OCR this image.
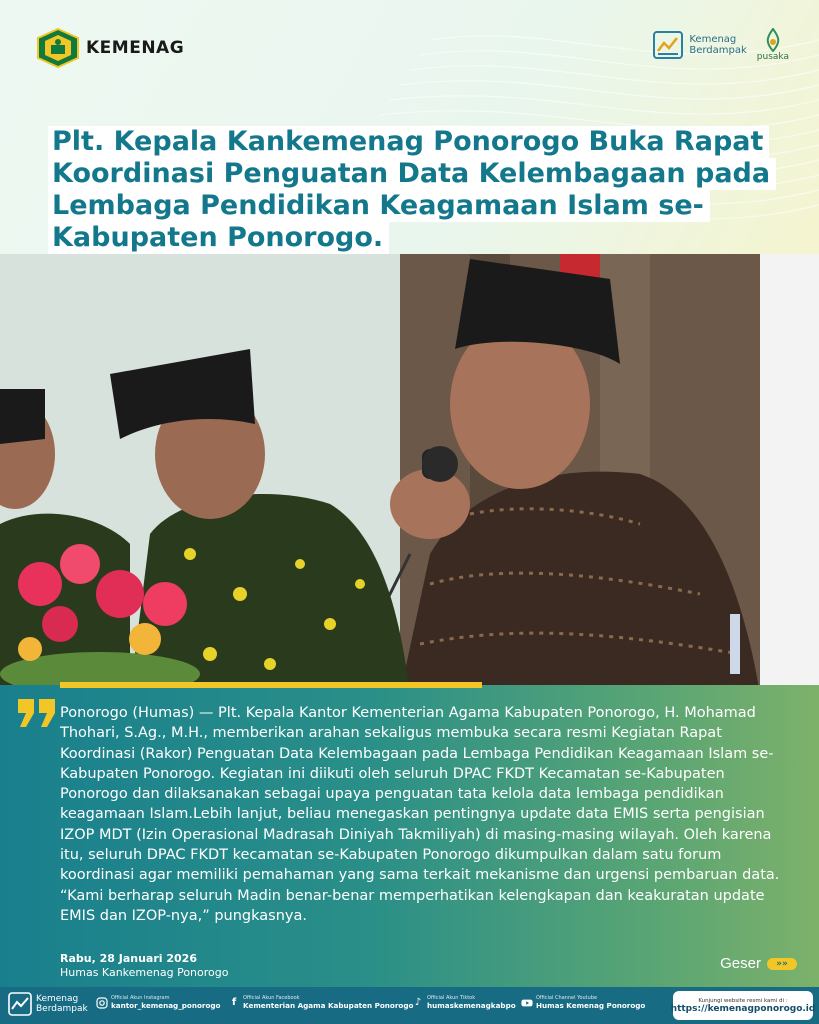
KEMENAG	Kemenag
Berdampak
pusaka
Plt. Kepala Kankemenag Ponorogo Buka Rapat
Koordinasi Penguatan Data Kelembagaan pada
Lembaga Pendidikan Keagamaan Islam se-
Kabupaten Ponorogo.
Ponorogo (Humas) — Plt. Kepala Kantor Kementerian Agama Kabupaten Ponorogo, H. Mohamad Thohari, S.Ag., M.H., memberikan arahan sekaligus membuka secara resmi Kegiatan Rapat Koordinasi (Rakor) Penguatan Data Kelembagaan pada Lembaga Pendidikan Keagamaan Islam se-Kabupaten Ponorogo. Kegiatan ini diikuti oleh seluruh DPAC FKDT Kecamatan se-Kabupaten Ponorogo dan dilaksanakan sebagai upaya penguatan tata kelola data lembaga pendidikan keagamaan Islam.Lebih lanjut, beliau menegaskan pentingnya update data EMIS serta pengisian IZOP MDT (Izin Operasional Madrasah Diniyah Takmiliyah) di masing-masing wilayah. Oleh karena itu, seluruh DPAC FKDT kecamatan se-Kabupaten Ponorogo dikumpulkan dalam satu forum koordinasi agar memiliki pemahaman yang sama terkait mekanisme dan urgensi pembaruan data. “Kami berharap seluruh Madin benar-benar memperhatikan kelengkapan dan keakuratan update EMIS dan IZOP-nya,” pungkasnya.
Rabu, 28 Januari 2026
Humas Kankemenag Ponorogo
Geser	»»
Kemenag
Berdampak
Official Akun Instagram
kantor_kemenag_ponorogo	f	Official Akun Facebook
Kementerian Agama Kabupaten Ponorogo ♪	Official Akun Tiktok
humaskemenagkabpo
Official Channel Youtube
Humas Kemenag Ponorogo
Kunjungi website resmi kami di :
https://kemenagponorogo.id
